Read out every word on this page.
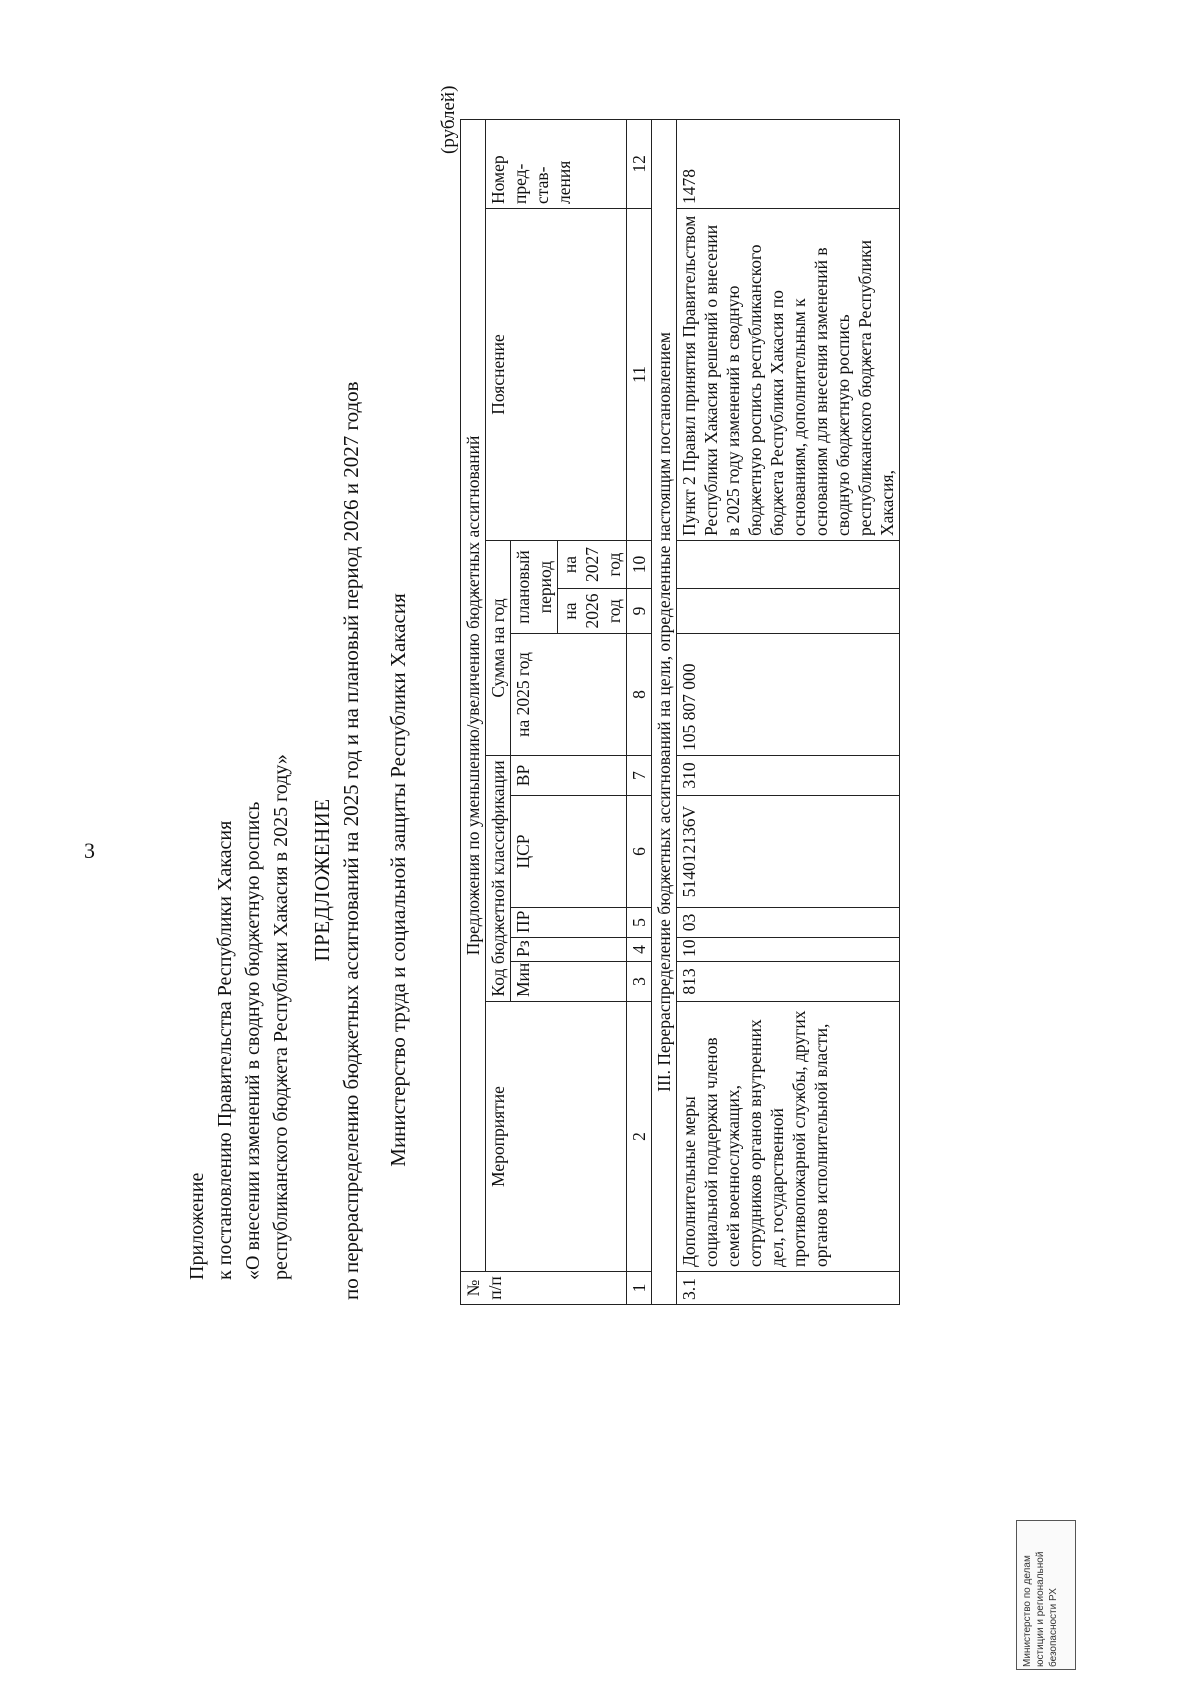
3
Приложение к постановлению Правительства Республики Хакасия «О внесении изменений в сводную бюджетную роспись республиканского бюджета Республики Хакасия в 2025 году» ПРЕДЛОЖЕНИЕ по перераспределению бюджетных ассигнований на 2025 год и на плановый период 2026 и 2027 годов Министерство труда и социальной защиты Республики Хакасия
(рублей)
№ п/п	Предложения по уменьшению/увеличению бюджетных ассигнований										
	Мероприятие	Код бюджетной классификации					Сумма на год			Пояснение	Номер пред- став- ления
		Мин	Рз	ПР	ЦСР	ВР	на 2025 год	плановый период			
								на 2026 год	на 2027 год		
1	2	3	4	5	6	7	8	9	10	11	12
III. Перераспределение бюджетных ассигнований на цели, определенные настоящим постановлением											
3.1	Дополнительные меры социальной поддержки членов семей военнослужащих, сотрудников органов внутренних дел, государственной противопожарной службы, других органов исполнительной власти,	813	10	03	514012136V	310	105 807 000			Пункт 2 Правил принятия Правительством Республики Хакасия решений о внесении в 2025 году изменений в сводную бюджетную роспись республиканского бюджета Республики Хакасия по основаниям, дополнительным к основаниям для внесения изменений в сводную бюджетную роспись республиканского бюджета Республики Хакасия,	1478
Министерство по делам юстиции и региональной безопасности РХ
